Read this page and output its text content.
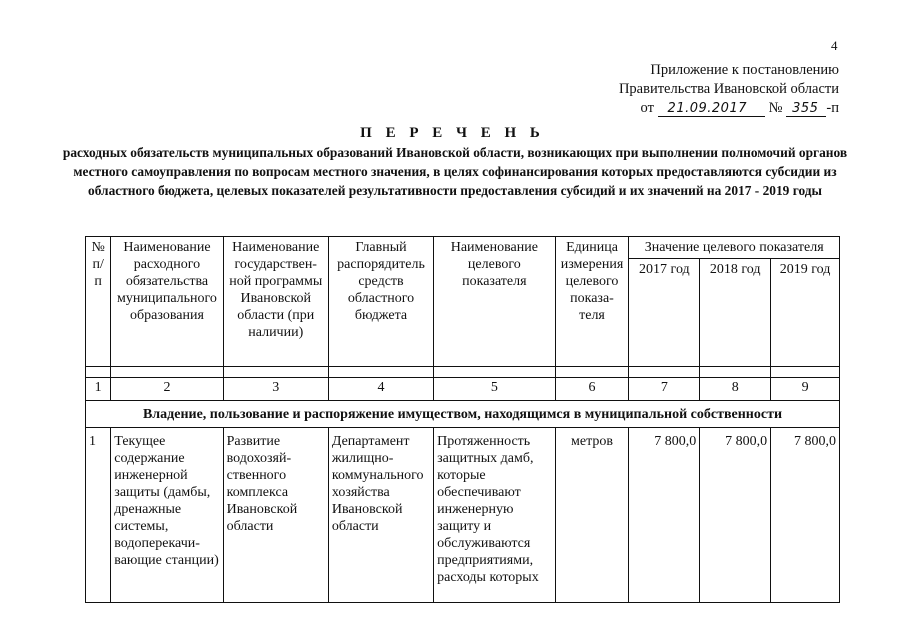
4
Приложение к постановлению
Правительства Ивановской области
от 21.09.2017 № 355 -п
П Е Р Е Ч Е Н Ь
расходных обязательств муниципальных образований Ивановской области, возникающих при выполнении полномочий органов местного самоуправления по вопросам местного значения, в целях софинансирования которых предоставляются субсидии из областного бюджета, целевых показателей результативности предоставления субсидий и их значений на 2017 - 2019 годы
№ п/п	Наименование расходного обязательства муниципального образования	Наименование государствен-ной программы Ивановской области (при наличии)	Главный распорядитель средств областного бюджета	Наименование целевого показателя	Единица измерения целевого показа-теля	Значение целевого показателя		
						2017 год	2018 год	2019 год

1	2	3	4	5	6	7	8	9
Владение, пользование и распоряжение имуществом, находящимся в муниципальной собственности								
1	Текущее содержание инженерной защиты (дамбы, дренажные системы, водоперекачи-вающие станции)	Развитие водохозяй-ственного комплекса Ивановской области	Департамент жилищно-коммунального хозяйства Ивановской области	Протяженность защитных дамб, которые обеспечивают инженерную защиту и обслуживаются предприятиями, расходы которых	метров	7 800,0	7 800,0	7 800,0
